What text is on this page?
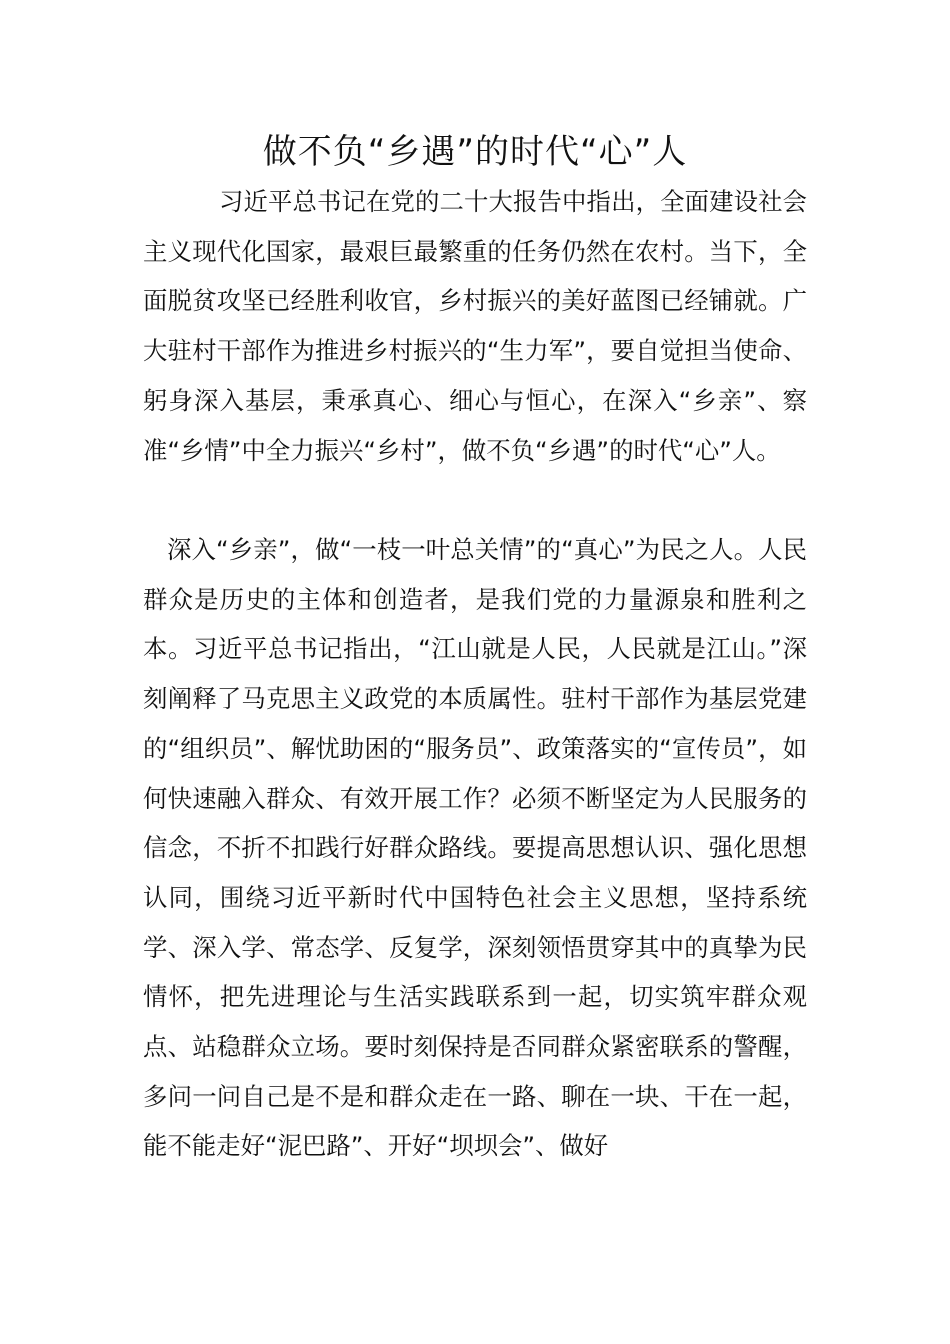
做不负“乡遇”的时代“心”人

习近平总书记在党的二十大报告中指出，全面建设社会主义现代化国家，最艰巨最繁重的任务仍然在农村。当下，全面脱贫攻坚已经胜利收官，乡村振兴的美好蓝图已经铺就。广大驻村干部作为推进乡村振兴的“生力军”，要自觉担当使命、躬身深入基层，秉承真心、细心与恒心，在深入“乡亲”、察准“乡情”中全力振兴“乡村”，做不负“乡遇”的时代“心”人。

深入“乡亲”，做“一枝一叶总关情”的“真心”为民之人。人民群众是历史的主体和创造者，是我们党的力量源泉和胜利之本。习近平总书记指出，“江山就是人民，人民就是江山。”深刻阐释了马克思主义政党的本质属性。驻村干部作为基层党建的“组织员”、解忧助困的“服务员”、政策落实的“宣传员”，如何快速融入群众、有效开展工作？必须不断坚定为人民服务的信念，不折不扣践行好群众路线。要提高思想认识、强化思想认同，围绕习近平新时代中国特色社会主义思想，坚持系统学、深入学、常态学、反复学，深刻领悟贯穿其中的真挚为民情怀，把先进理论与生活实践联系到一起，切实筑牢群众观点、站稳群众立场。要时刻保持是否同群众紧密联系的警醒，多问一问自己是不是和群众走在一路、聊在一块、干在一起，能不能走好“泥巴路”、开好“坝坝会”、做好
